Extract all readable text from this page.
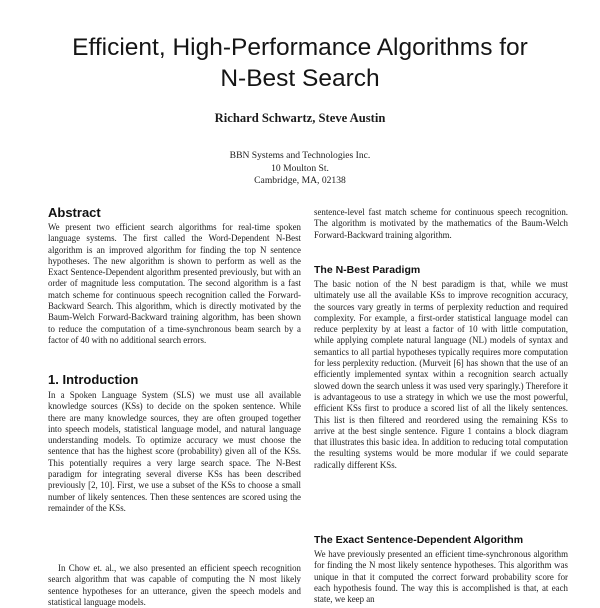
Efficient, High-Performance Algorithms for
N-Best Search
Richard Schwartz, Steve Austin
BBN Systems and Technologies Inc.
10 Moulton St.
Cambridge, MA, 02138
Abstract

We present two efficient search algorithms for real-time spoken language systems. The first called the Word-Dependent N-Best algorithm is an improved algorithm for finding the top N sentence hypotheses. The new algorithm is shown to perform as well as the Exact Sentence-Dependent algorithm presented previously, but with an order of magnitude less computation. The second algorithm is a fast match scheme for continuous speech recognition called the Forward-Backward Search. This algorithm, which is directly motivated by the Baum-Welch Forward-Backward training algorithm, has been shown to reduce the computation of a time-synchronous beam search by a factor of 40 with no additional search errors.

1. Introduction

In a Spoken Language System (SLS) we must use all available knowledge sources (KSs) to decide on the spoken sentence. While there are many knowledge sources, they are often grouped together into speech models, statistical language model, and natural language understanding models. To optimize accuracy we must choose the sentence that has the highest score (probability) given all of the KSs. This potentially requires a very large search space. The N-Best paradigm for integrating several diverse KSs has been described previously [2, 10]. First, we use a subset of the KSs to choose a small number of likely sentences. Then these sentences are scored using the remainder of the KSs.

In Chow et. al., we also presented an efficient speech recognition search algorithm that was capable of computing the N most likely sentence hypotheses for an utterance, given the speech models and statistical language models.

sentence-level fast match scheme for continuous speech recognition. The algorithm is motivated by the mathematics of the Baum-Welch Forward-Backward training algorithm.

The N-Best Paradigm

The basic notion of the N best paradigm is that, while we must ultimately use all the available KSs to improve recognition accuracy, the sources vary greatly in terms of perplexity reduction and required complexity. For example, a first-order statistical language model can reduce perplexity by at least a factor of 10 with little computation, while applying complete natural language (NL) models of syntax and semantics to all partial hypotheses typically requires more computation for less perplexity reduction. (Murveit [6] has shown that the use of an efficiently implemented syntax within a recognition search actually slowed down the search unless it was used very sparingly.) Therefore it is advantageous to use a strategy in which we use the most powerful, efficient KSs first to produce a scored list of all the likely sentences. This list is then filtered and reordered using the remaining KSs to arrive at the best single sentence. Figure 1 contains a block diagram that illustrates this basic idea. In addition to reducing total computation the resulting systems would be more modular if we could separate radically different KSs.

The Exact Sentence-Dependent Algorithm

We have previously presented an efficient time-synchronous algorithm for finding the N most likely sentence hypotheses. This algorithm was unique in that it computed the correct forward probability score for each hypothesis found. The way this is accomplished is that, at each state, we keep an
